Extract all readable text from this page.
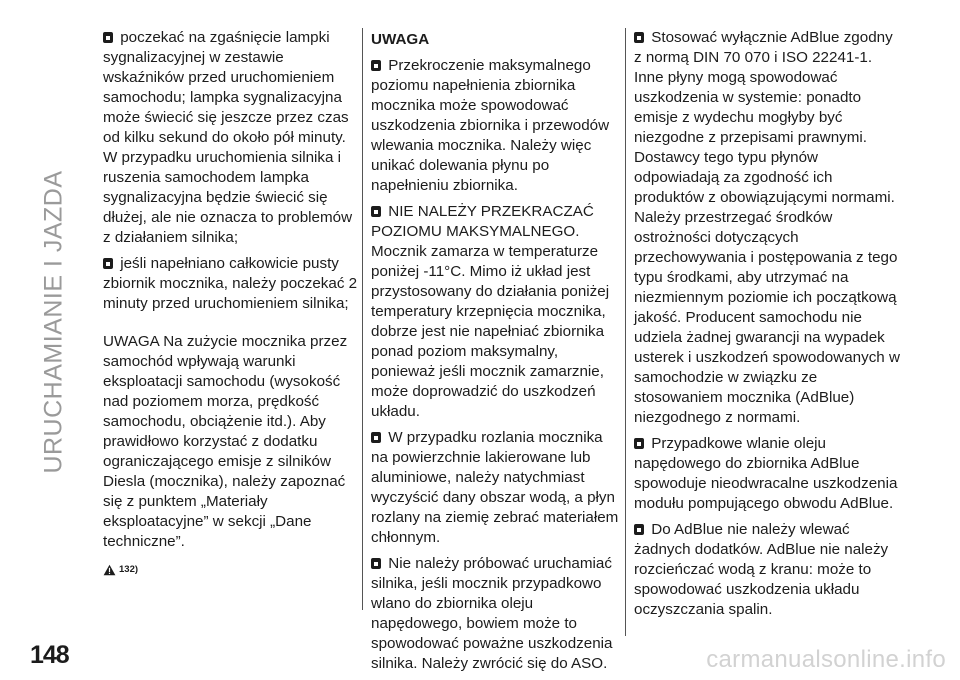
URUCHAMIANIE I JAZDA
148

poczekać na zgaśnięcie lampki sygnalizacyjnej w zestawie wskaźników przed uruchomieniem samochodu; lampka sygnalizacyjna może świecić się jeszcze przez czas od kilku sekund do około pół minuty. W przypadku uruchomienia silnika i ruszenia samochodem lampka sygnalizacyjna będzie świecić się dłużej, ale nie oznacza to problemów z działaniem silnika;

jeśli napełniano całkowicie pusty zbiornik mocznika, należy poczekać 2 minuty przed uruchomieniem silnika;

UWAGA Na zużycie mocznika przez samochód wpływają warunki eksploatacji samochodu (wysokość nad poziomem morza, prędkość samochodu, obciążenie itd.). Aby prawidłowo korzystać z dodatku ograniczającego emisje z silników Diesla (mocznika), należy zapoznać się z punktem „Materiały eksploatacyjne” w sekcji „Dane techniczne”.

132)

UWAGA

Przekroczenie maksymalnego poziomu napełnienia zbiornika mocznika może spowodować uszkodzenia zbiornika i przewodów wlewania mocznika. Należy więc unikać dolewania płynu po napełnieniu zbiornika.

NIE NALEŻY PRZEKRACZAĆ POZIOMU MAKSYMALNEGO. Mocznik zamarza w temperaturze poniżej -11°C. Mimo iż układ jest przystosowany do działania poniżej temperatury krzepnięcia mocznika, dobrze jest nie napełniać zbiornika ponad poziom maksymalny, ponieważ jeśli mocznik zamarznie, może doprowadzić do uszkodzeń układu.

W przypadku rozlania mocznika na powierzchnie lakierowane lub aluminiowe, należy natychmiast wyczyścić dany obszar wodą, a płyn rozlany na ziemię zebrać materiałem chłonnym.

Nie należy próbować uruchamiać silnika, jeśli mocznik przypadkowo wlano do zbiornika oleju napędowego, bowiem może to spowodować poważne uszkodzenia silnika. Należy zwrócić się do ASO.

Stosować wyłącznie AdBlue zgodny z normą DIN 70 070 i ISO 22241-1. Inne płyny mogą spowodować uszkodzenia w systemie: ponadto emisje z wydechu mogłyby być niezgodne z przepisami prawnymi. Dostawcy tego typu płynów odpowiadają za zgodność ich produktów z obowiązującymi normami. Należy przestrzegać środków ostrożności dotyczących przechowywania i postępowania z tego typu środkami, aby utrzymać na niezmiennym poziomie ich początkową jakość. Producent samochodu nie udziela żadnej gwarancji na wypadek usterek i uszkodzeń spowodowanych w samochodzie w związku ze stosowaniem mocznika (AdBlue) niezgodnego z normami.

Przypadkowe wlanie oleju napędowego do zbiornika AdBlue spowoduje nieodwracalne uszkodzenia modułu pompującego obwodu AdBlue.

Do AdBlue nie należy wlewać żadnych dodatków. AdBlue nie należy rozcieńczać wodą z kranu: może to spowodować uszkodzenia układu oczyszczania spalin.

carmanualsonline.info
